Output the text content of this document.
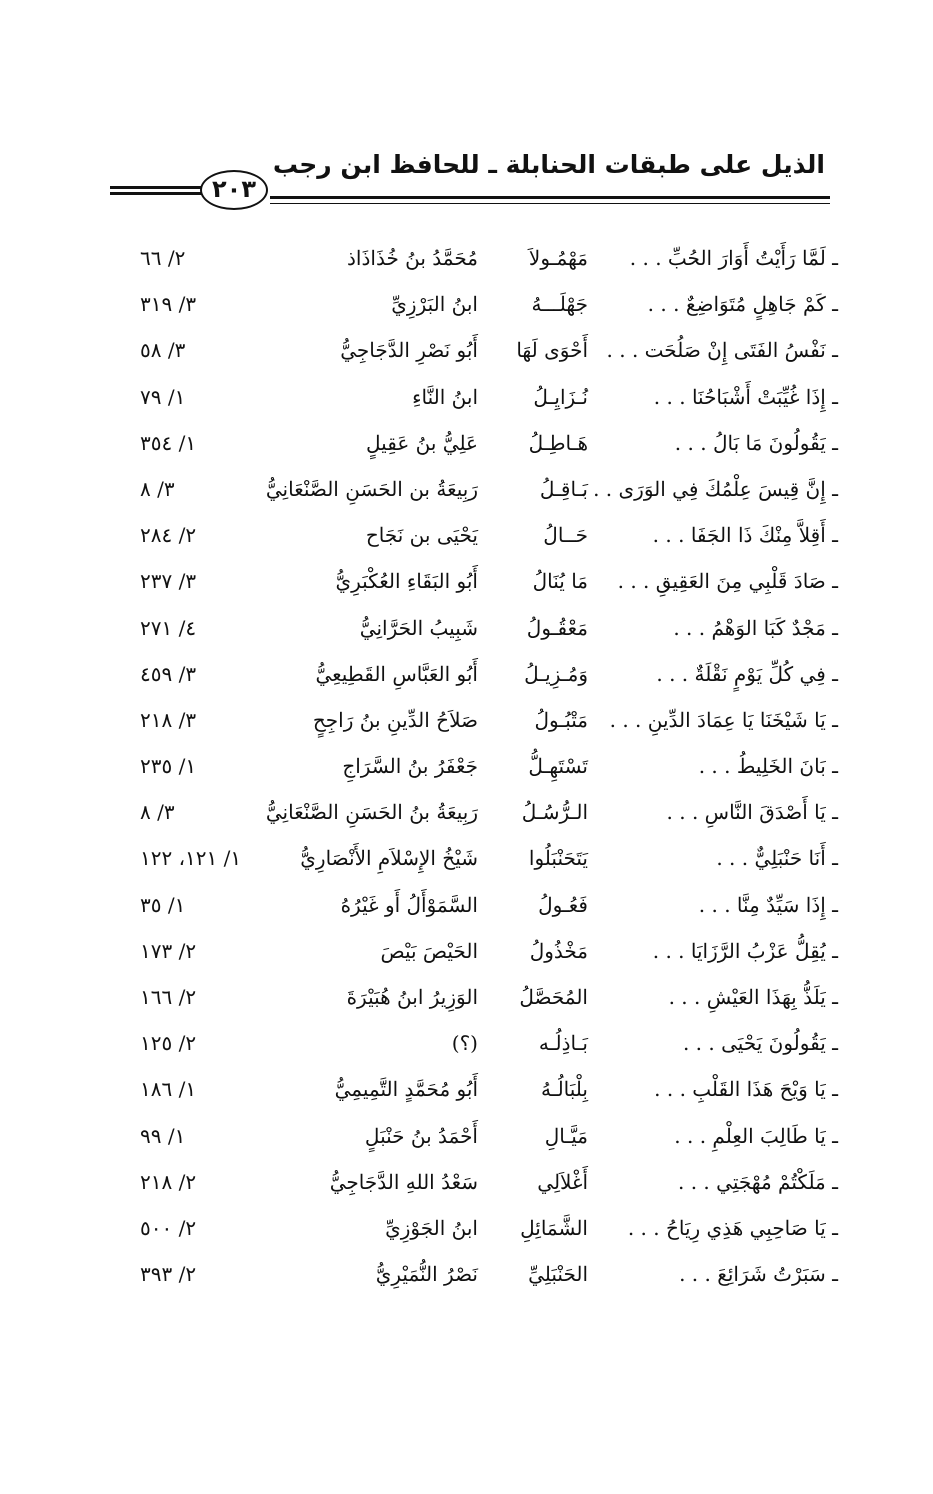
الذيل على طبقات الحنابلة ـ للحافظ ابن رجب
٢٠٣
ـ لَمَّا رَأَيْتُ أَوَارَ الحُبِّ . . .
مَهْمُـولاَ
مُحَمَّدُ بنُ خُذَاذَاذ
٢/ ٦٦
ـ كَمْ جَاهِلٍ مُتَوَاضِعٌ . . .
جَهْلَـــهُ
ابنُ البَرْزِيِّ
٣/ ٣١٩
ـ نَفْسُ الفَتَى إِنْ صَلُحَت . . .
أَحْوَى لَهَا
أَبُو نَصْرِ الدَّجَاجِيُّ
٣/ ٥٨
ـ إِذَا غُيِّبَتْ أَشْبَاحُنَا . . .
نُـزَايِـلُ
ابنُ النَّاءِ
١/ ٧٩
ـ يَقُولُونَ مَا بَالُ . . .
هَـاطِـلُ
عَلِيُّ بنُ عَقِيلٍ
١/ ٣٥٤
ـ إِنَّ قِيسَ عِلْمُكَ فِي الوَرَى . . .
بَـاقِـلُ
رَبِيعَةُ بن الحَسَنِ الصَّنْعَانِيُّ
٣/ ٨
ـ أَقِلاَّ مِنْكَ ذَا الجَفَا . . .
حَــالُ
يَحْيَى بن نَجَاح
٢/ ٢٨٤
ـ صَادَ قَلْبِي مِنَ العَقِيقِ . . .
مَا يُنَالُ
أَبُو البَقَاءِ العُكْبَرِيُّ
٣/ ٢٣٧
ـ مَجْدٌ كَبَا الوَهْمُ . . .
مَعْقُـولُ
شَبِيبُ الحَرَّانِيُّ
٤/ ٢٧١
ـ فِي كُلِّ يَوْمٍ نَقْلَةٌ . . .
وَمُـزِيـلُ
أَبُو العَبَّاسِ القَطِيعِيُّ
٣/ ٤٥٩
ـ يَا شَيْخَنَا يَا عِمَادَ الدِّينِ . . .
مَتْبُـولُ
صَلاَحُ الدِّينِ بنُ رَاجِحٍ
٣/ ٢١٨
ـ بَانَ الخَلِيطُ . . .
تَسْتَهِـلُّ
جَعْفَرُ بنُ السَّرَاجِ
١/ ٢٣٥
ـ يَا أَصْدَقَ النَّاسِ . . .
الـرُّسُـلُ
رَبِيعَةُ بنُ الحَسَنِ الصَّنْعَانِيُّ
٣/ ٨
ـ أَنَا حَنْبَلِيٌّ . . .
يَتَحَنْبَلُوا
شَيْخُ الإِسْلاَمِ الأَنْصَارِيُّ
١/ ١٢١، ١٢٢
ـ إِذَا سَيِّدٌ مِنَّا . . .
فَعُـولُ
السَّمَوْأَلُ أَو غَيْرُهُ
١/ ٣٥
ـ يُقِلُّ عَزْبُ الرَّزَايَا . . .
مَخْذُولُ
الحَيْصَ بَيْصَ
٢/ ١٧٣
ـ يَلَذُّ بِهَذَا العَيْشِ . . .
المُحَصَّلُ
الوَزِيرُ ابنُ هُبَيْرَةَ
٢/ ١٦٦
ـ يَقُولُونَ يَحْيَى . . .
بَـاذِلُـه
(؟)
٢/ ١٢٥
ـ يَا وَيْحَ هَذَا القَلْبِ . . .
بِلْبَالُـهُ
أَبُو مُحَمَّدٍ التَّمِيمِيُّ
١/ ١٨٦
ـ يَا طَالِبَ العِلْمِ . . .
مَيَّـالِ
أَحْمَدُ بنُ حَنْبَلٍ
١/ ٩٩
ـ مَلَكْتُمْ مُهْجَتِي . . .
أَغْلاَلِي
سَعْدُ اللهِ الدَّجَاجِيُّ
٢/ ٢١٨
ـ يَا صَاحِبِي هَذِي رِيَاحُ . . .
الشَّمَائِلِ
ابنُ الجَوْزِيِّ
٢/ ٥٠٠
ـ سَبَرْتُ شَرَائِعَ . . .
الحَنْبَلِيِّ
نَصْرُ النُّمَيْرِيُّ
٢/ ٣٩٣
